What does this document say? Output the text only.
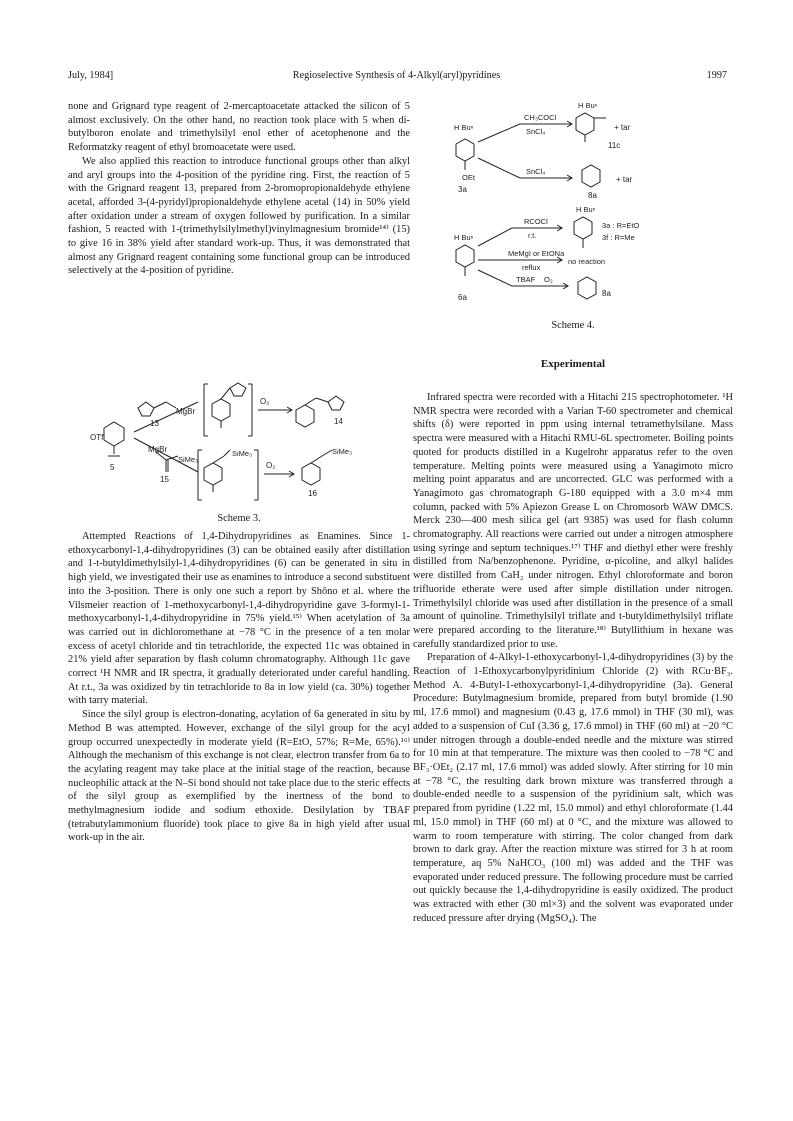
July, 1984]	Regioselective Synthesis of 4-Alkyl(aryl)pyridines	1997

none and Grignard type reagent of 2-mercaptoacetate attacked the silicon of 5 almost exclusively. On the other hand, no reaction took place with 5 when di-butylboron enolate and trimethylsilyl enol ether of acetophenone and the Reformatzky reagent of ethyl bromoacetate were used.

We also applied this reaction to introduce functional groups other than alkyl and aryl groups into the 4-position of the pyridine ring. First, the reaction of 5 with the Grignard reagent 13, prepared from 2-bromopropionaldehyde ethylene acetal, afforded 3-(4-pyridyl)propionaldehyde ethylene acetal (14) in 50% yield after oxidation under a stream of oxygen followed by purification. In a similar fashion, 5 reacted with 1-(trimethylsilylmethyl)vinylmagnesium bromide¹⁴⁾ (15) to give 16 in 38% yield after standard work-up. Thus, it was demonstrated that almost any Grignard reagent containing some functional group can be introduced selectively at the 4-position of pyridine.

OTf
5
MgBr
13
MgBr
SiMe₃
15
O₂
O₂
SiMe₃
14
SiMe₃
16
Scheme 3.

Attempted Reactions of 1,4-Dihydropyridines as Enamines. Since 1-ethoxycarbonyl-1,4-dihydropyridines (3) can be obtained easily after distillation and 1-t-butyldimethylsilyl-1,4-dihydropyridines (6) can be generated in situ in high yield, we investigated their use as enamines to introduce a second substituent into the 3-position. There is only one such a report by Shōno et al. where the Vilsmeier reaction of 1-methoxycarbonyl-1,4-dihydropyridine gave 3-formyl-1-methoxycarbonyl-1,4-dihydropyridine in 75% yield.¹⁵⁾ When acetylation of 3a was carried out in dichloromethane at −78 °C in the presence of a ten molar excess of acetyl chloride and tin tetrachloride, the expected 11c was obtained in 21% yield after separation by flash column chromatography. Although 11c gave correct ¹H NMR and IR spectra, it gradually deteriorated under careful handling. At r.t., 3a was oxidized by tin tetrachloride to 8a in low yield (ca. 30%) together with tarry material.

Since the silyl group is electron-donating, acylation of 6a generated in situ by Method B was attempted. However, exchange of the silyl group for the acyl group occurred unexpectedly in moderate yield (R=EtO, 57%; R=Me, 65%).¹⁶⁾ Although the mechanism of this exchange is not clear, electron transfer from 6a to the acylating reagent may take place at the initial stage of the reaction, because nucleophilic attack at the N–Si bond should not take place due to the steric effects of the silyl group as exemplified by the inertness of the bond to methylmagnesium iodide and sodium ethoxide. Desilylation by TBAF (tetrabutylammonium fluoride) took place to give 8a in high yield after usual work-up in the air.

H Buⁿ
OEt
3a
CH₃COCl
SnCl₄
H Buⁿ
+ tar
11c
SnCl₄
+ tar
8a
H Buⁿ
6a
RCOCl
r.t.
H Buⁿ
3a : R=EtO
3f : R=Me
MeMgI or EtONa
reflux
no reaction
TBAF O₂
8a
Scheme 4.
Experimental

Infrared spectra were recorded with a Hitachi 215 spectrophotometer. ¹H NMR spectra were recorded with a Varian T-60 spectrometer and chemical shifts (δ) were reported in ppm using internal tetramethylsilane. Mass spectra were measured with a Hitachi RMU-6L spectrometer. Boiling points quoted for products distilled in a Kugelrohr apparatus refer to the oven temperature. Melting points were measured using a Yanagimoto micro melting point apparatus and are uncorrected. GLC was performed with a Yanagimoto gas chromatograph G-180 equipped with a 3.0 m×4 mm column, packed with 5% Apiezon Grease L on Chromosorb WAW DMCS. Merck 230—400 mesh silica gel (art 9385) was used for flash column chromatography. All reactions were carried out under a nitrogen atmosphere using syringe and septum techniques.¹⁷⁾ THF and diethyl ether were freshly distilled from Na/benzophenone. Pyridine, α-picoline, and alkyl halides were distilled from CaH₂ under nitrogen. Ethyl chloroformate and boron trifluoride etherate were used after simple distillation under nitrogen. Trimethylsilyl chloride was used after distillation in the presence of a small amount of quinoline. Trimethylsilyl triflate and t-butyldimethylsilyl triflate were prepared according to the literature.¹⁸⁾ Butyllithium in hexane was carefully standardized prior to use.

Preparation of 4-Alkyl-1-ethoxycarbonyl-1,4-dihydropyridines (3) by the Reaction of 1-Ethoxycarbonylpyridinium Chloride (2) with RCu·BF₃. Method A. 4-Butyl-1-ethoxycarbonyl-1,4-dihydropyridine (3a). General Procedure: Butylmagnesium bromide, prepared from butyl bromide (1.90 ml, 17.6 mmol) and magnesium (0.43 g, 17.6 mmol) in THF (30 ml), was added to a suspension of CuI (3.36 g, 17.6 mmol) in THF (60 ml) at −20 °C under nitrogen through a double-ended needle and the mixture was stirred for 10 min at that temperature. The mixture was then cooled to −78 °C and BF₃·OEt₂ (2.17 ml, 17.6 mmol) was added slowly. After stirring for 10 min at −78 °C, the resulting dark brown mixture was transferred through a double-ended needle to a suspension of the pyridinium salt, which was prepared from pyridine (1.22 ml, 15.0 mmol) and ethyl chloroformate (1.44 ml, 15.0 mmol) in THF (60 ml) at 0 °C, and the mixture was allowed to warm to room temperature with stirring. The color changed from dark brown to dark gray. After the reaction mixture was stirred for 3 h at room temperature, aq 5% NaHCO₃ (100 ml) was added and the THF was evaporated under reduced pressure. The following procedure must be carried out quickly because the 1,4-dihydropyridine is easily oxidized. The product was extracted with ether (30 ml×3) and the solvent was evaporated under reduced pressure after drying (MgSO₄). The
